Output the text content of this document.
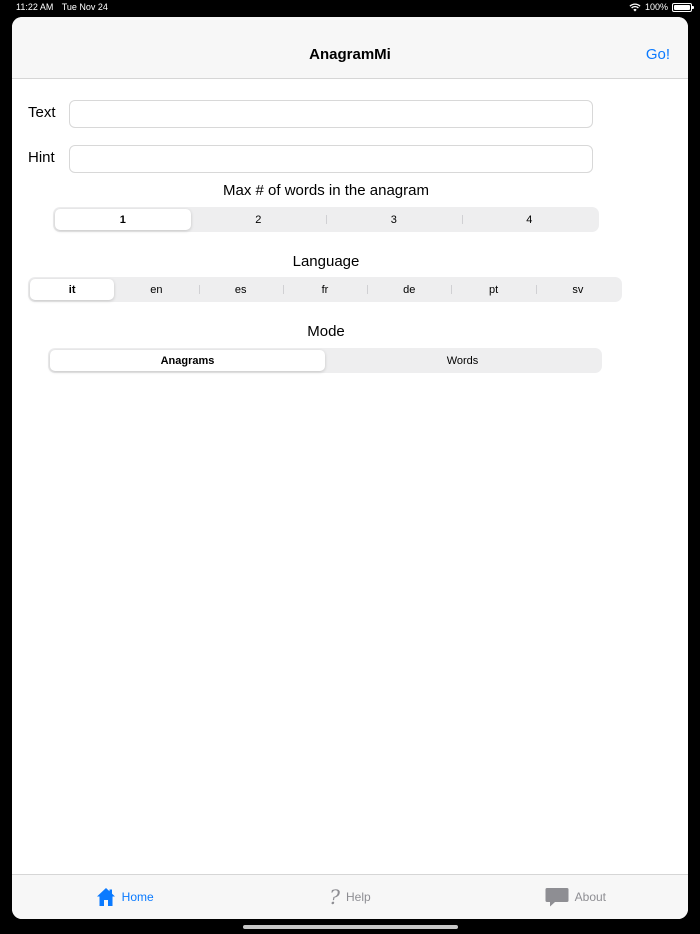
11:22 AM Tue Nov 24	100%
AnagramMi	Go!
Text
Hint
Max # of words in the anagram
1	2	3	4
Language
it	en	es	fr	de	pt	sv
Mode
Anagrams	Words
Home	? Help	About
